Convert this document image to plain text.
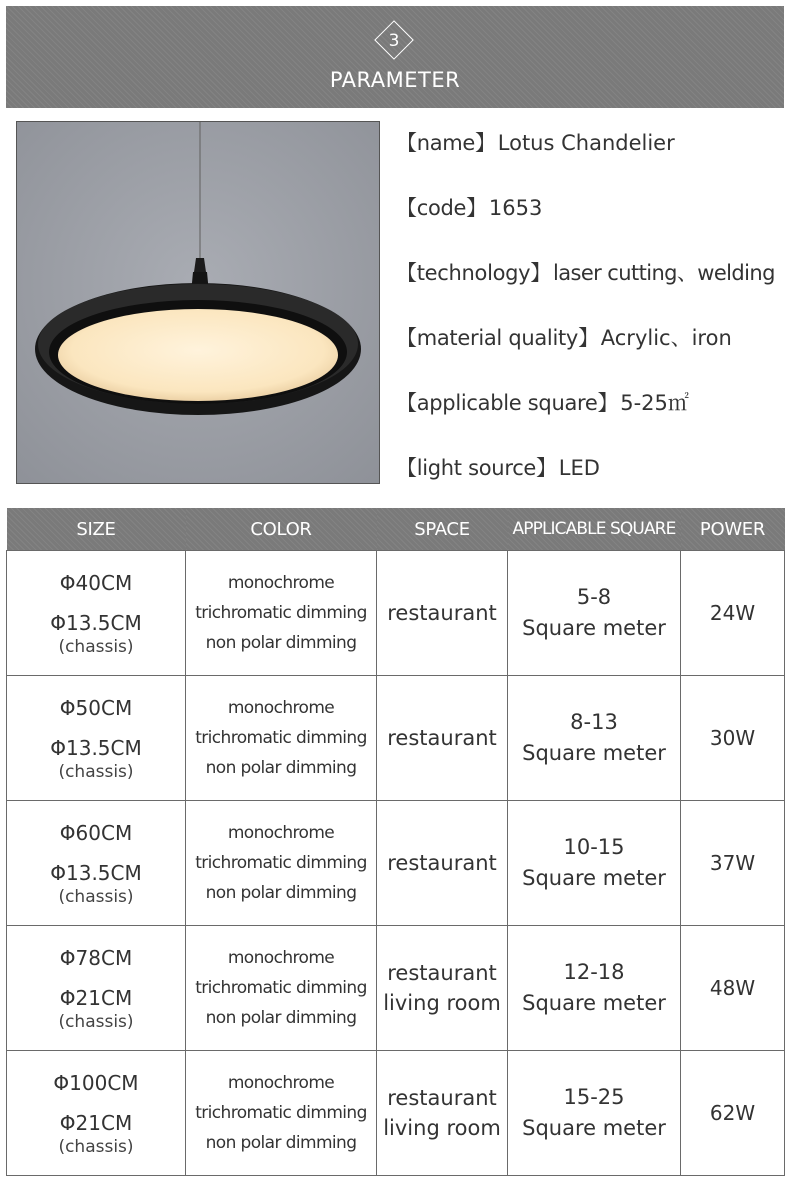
3
PARAMETER
【name】Lotus Chandelier
【code】1653
【technology】laser cutting、welding
【material quality】Acrylic、iron
【applicable square】5-25㎡
【light source】LED
SIZE	COLOR	SPACE	APPLICABLE SQUARE	POWER

Φ40CM
Φ13.5CM
(chassis)	monochrome
trichromatic dimming
non polar dimming	restaurant	5-8
Square meter	24W

Φ50CM
Φ13.5CM
(chassis)	monochrome
trichromatic dimming
non polar dimming	restaurant	8-13
Square meter	30W

Φ60CM
Φ13.5CM
(chassis)	monochrome
trichromatic dimming
non polar dimming	restaurant	10-15
Square meter	37W

Φ78CM
Φ21CM
(chassis)	monochrome
trichromatic dimming
non polar dimming	restaurant
living room	12-18
Square meter	48W

Φ100CM
Φ21CM
(chassis)	monochrome
trichromatic dimming
non polar dimming	restaurant
living room	15-25
Square meter	62W
